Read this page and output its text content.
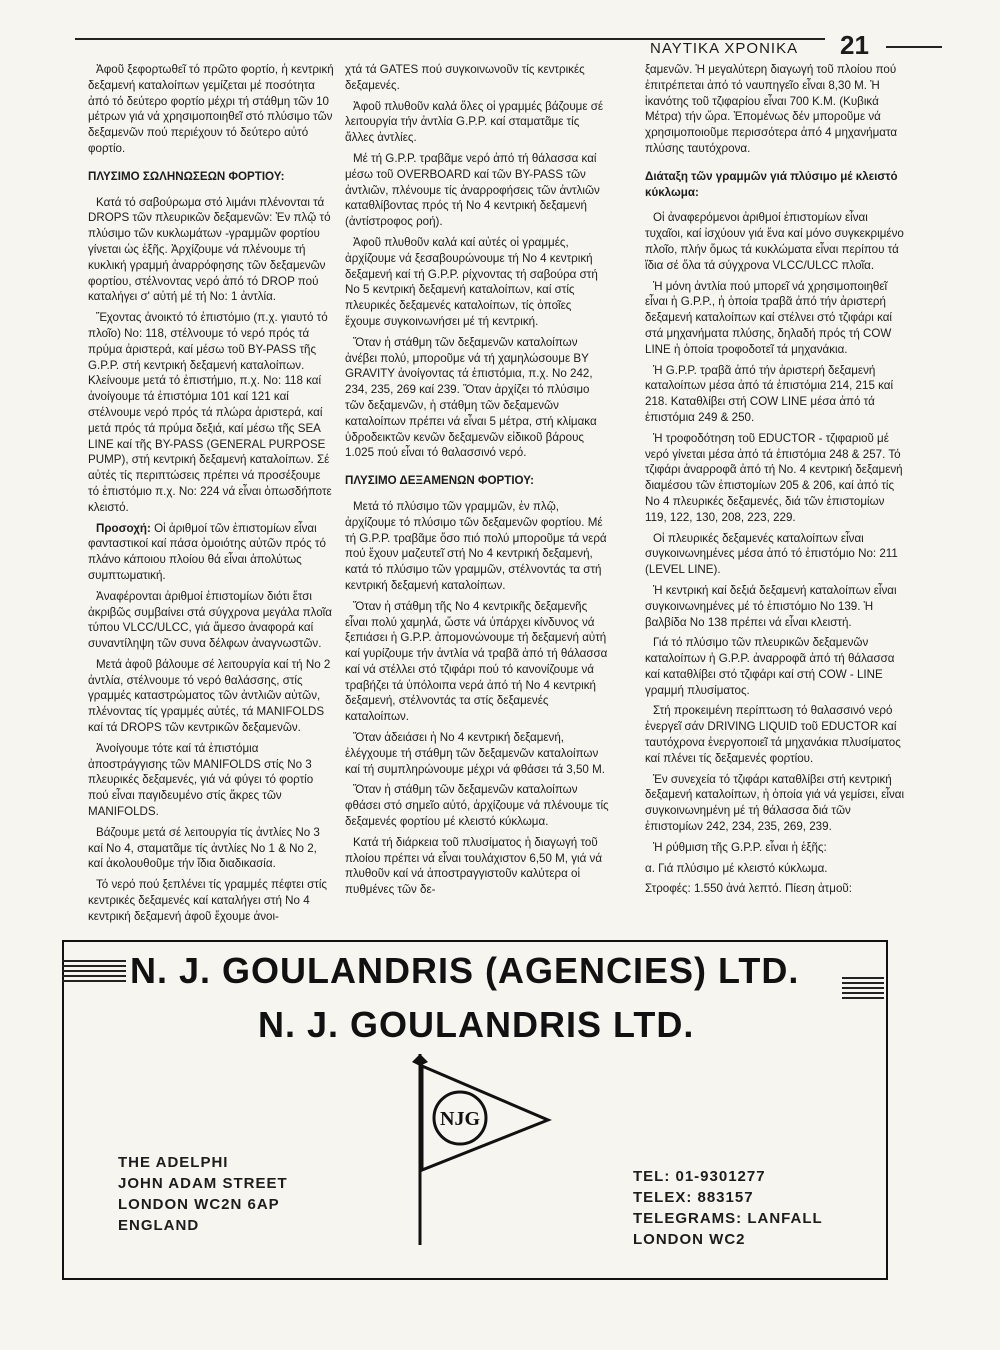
ΝΑΥΤΙΚΑ ΧΡΟΝΙΚΑ 21

Ἀφοῦ ξεφορτωθεῖ τό πρῶτο φορτίο, ἡ κεντρική δεξαμενή καταλοίπων γεμίζεται μέ ποσότητα ἀπό τό δεύτερο φορτίο μέχρι τή στάθμη τῶν 10 μέτρων γιά νά χρησιμοποιηθεῖ στό πλύσιμο τῶν δεξαμενῶν πού περιέχουν τό δεύτερο αὐτό φορτίο.

ΠΛΥΣΙΜΟ ΣΩΛΗΝΩΣΕΩΝ ΦΟΡΤΙΟΥ:

Κατά τό σαβούρωμα στό λιμάνι πλένονται τά DROPS τῶν πλευρικῶν δεξαμενῶν: Ἐν πλῷ τό πλύσιμο τῶν κυκλωμάτων -γραμμῶν φορτίου γίνεται ὡς ἑξῆς. Ἀρχίζουμε νά πλένουμε τή κυκλική γραμμή ἀναρρόφησης τῶν δεξαμενῶν φορτίου, στέλνοντας νερό ἀπό τό DROP πού καταλήγει σ' αὐτή μέ τή No: 1 ἀντλία.

Ἔχοντας ἀνοικτό τό ἐπιστόμιο (π.χ. γιαυτό τό πλοῖο) No: 118, στέλνουμε τό νερό πρός τά πρύμα ἀριστερά, καί μέσω τοῦ BY-PASS τῆς G.P.P. στή κεντρική δεξαμενή καταλοίπων. Κλείνουμε μετά τό ἐπιστήμιο, π.χ. No: 118 καί ἀνοίγουμε τά ἐπιστόμια 101 καί 121 καί στέλνουμε νερό πρός τά πλώρα ἀριστερά, καί μετά πρός τά πρύμα δεξιά, καί μέσω τῆς SEA LINE καί τῆς BY-PASS (GENERAL PURPOSE PUMP), στή κεντρική δεξαμενή καταλοίπων. Σέ αὐτές τίς περιπτώσεις πρέπει νά προσέξουμε τό ἐπιστόμιο π.χ. No: 224 νά εἶναι ὁπωσδήποτε κλειστό.

Προσοχή: Οἱ ἀριθμοί τῶν ἐπιστομίων εἶναι φανταστικοί καί πάσα ὁμοιότης αὐτῶν πρός τό πλάνο κάποιου πλοίου θά εἶναι ἀπολύτως συμπτωματική.

Ἀναφέρονται ἀριθμοί ἐπιστομίων διότι ἔτσι ἀκριβῶς συμβαίνει στά σύγχρονα μεγάλα πλοῖα τύπου VLCC/ULCC, γιά ἄμεσο ἀναφορά καί συναντίληψη τῶν συνα δέλφων ἀναγνωστῶν.

Μετά ἀφοῦ βάλουμε σέ λειτουργία καί τή No 2 ἀντλία, στέλνουμε τό νερό θαλάσσης, στίς γραμμές καταστρώματος τῶν ἀντλιῶν αὐτῶν, πλένοντας τίς γραμμές αὐτές, τά MANIFOLDS καί τά DROPS τῶν κεντρικῶν δεξαμενῶν.

Ἀνοίγουμε τότε καί τά ἐπιστόμια ἀποστράγγισης τῶν MANIFOLDS στίς No 3 πλευρικές δεξαμενές, γιά νά φύγει τό φορτίο πού εἶναι παγιδευμένο στίς ἄκρες τῶν MANIFOLDS.

Βάζουμε μετά σέ λειτουργία τίς ἀντλίες No 3 καί No 4, σταματᾶμε τίς ἀντλίες No 1 & No 2, καί ἀκολουθοῦμε τήν ἴδια διαδικασία.

Τό νερό πού ξεπλένει τίς γραμμές πέφτει στίς κεντρικές δεξαμενές καί καταλήγει στή No 4 κεντρική δεξαμενή ἀφοῦ ἔχουμε ἀνοι-

χτά τά GATES πού συγκοινωνοῦν τίς κεντρικές δεξαμενές.

Ἀφοῦ πλυθοῦν καλά ὅλες οἱ γραμμές βάζουμε σέ λειτουργία τήν ἀντλία G.P.P. καί σταματᾶμε τίς ἄλλες ἀντλίες.

Μέ τή G.P.P. τραβᾶμε νερό ἀπό τή θάλασσα καί μέσω τοῦ OVERBOARD καί τῶν BY-PASS τῶν ἀντλιῶν, πλένουμε τίς ἀναρροφήσεις τῶν ἀντλιῶν καταθλίβοντας πρός τή No 4 κεντρική δεξαμενή (ἀντίστροφος ροή).

Ἀφοῦ πλυθοῦν καλά καί αὐτές οἱ γραμμές, ἀρχίζουμε νά ξεσαβουρώνουμε τή No 4 κεντρική δεξαμενή καί τή G.P.P. ρίχνοντας τή σαβούρα στή No 5 κεντρική δεξαμενή καταλοίπων, καί στίς πλευρικές δεξαμενές καταλοίπων, τίς ὁποῖες ἔχουμε συγκοινωνήσει μέ τή κεντρική.

Ὅταν ἡ στάθμη τῶν δεξαμενῶν καταλοίπων ἀνέβει πολύ, μποροῦμε νά τή χαμηλώσουμε BY GRAVITY ἀνοίγοντας τά ἐπιστόμια, π.χ. No 242, 234, 235, 269 καί 239. Ὅταν ἀρχίζει τό πλύσιμο τῶν δεξαμενῶν, ἡ στάθμη τῶν δεξαμενῶν καταλοίπων πρέπει νά εἶναι 5 μέτρα, στή κλίμακα ὑδροδεικτῶν κενῶν δεξαμενῶν εἰδικοῦ βάρους 1.025 πού εἶναι τό θαλασσινό νερό.

ΠΛΥΣΙΜΟ ΔΕΞΑΜΕΝΩΝ ΦΟΡΤΙΟΥ:

Μετά τό πλύσιμο τῶν γραμμῶν, ἐν πλῷ, ἀρχίζουμε τό πλύσιμο τῶν δεξαμενῶν φορτίου. Μέ τή G.P.P. τραβᾶμε ὅσο πιό πολύ μποροῦμε τά νερά πού ἔχουν μαζευτεῖ στή No 4 κεντρική δεξαμενή, κατά τό πλύσιμο τῶν γραμμῶν, στέλνοντάς τα στή κεντρική δεξαμενή καταλοίπων.

Ὅταν ἡ στάθμη τῆς No 4 κεντρικῆς δεξαμενῆς εἶναι πολύ χαμηλά, ὥστε νά ὑπάρχει κίνδυνος νά ξεπιάσει ἡ G.P.P. ἀπομονώνουμε τή δεξαμενή αὐτή καί γυρίζουμε τήν ἀντλία νά τραβᾶ ἀπό τή θάλασσα καί νά στέλλει στό τζιφάρι πού τό κανονίζουμε νά τραβήζει τά ὑπόλοιπα νερά ἀπό τή No 4 κεντρική δεξαμενή, στέλνοντάς τα στίς δεξαμενές καταλοίπων.

Ὅταν ἀδειάσει ἡ No 4 κεντρική δεξαμενή, ἐλέγχουμε τή στάθμη τῶν δεξαμενῶν καταλοίπων καί τή συμπληρώνουμε μέχρι νά φθάσει τά 3,50 Μ.

Ὅταν ἡ στάθμη τῶν δεξαμενῶν καταλοίπων φθάσει στό σημεῖο αὐτό, ἀρχίζουμε νά πλένουμε τίς δεξαμενές φορτίου μέ κλειστό κύκλωμα.

Κατά τή διάρκεια τοῦ πλυσίματος ἡ διαγωγή τοῦ πλοίου πρέπει νά εἶναι τουλάχιστον 6,50 Μ, γιά νά πλυθοῦν καί νά ἀποστραγγιστοῦν καλύτερα οἱ πυθμένες τῶν δε-

ξαμενῶν. Ἡ μεγαλύτερη διαγωγή τοῦ πλοίου πού ἐπιτρέπεται ἀπό τό ναυπηγεῖο εἶναι 8,30 Μ. Ἡ ἱκανότης τοῦ τζιφαρίου εἶναι 700 Κ.Μ. (Κυβικά Μέτρα) τήν ὥρα. Ἐπομένως δέν μποροῦμε νά χρησιμοποιοῦμε περισσότερα ἀπό 4 μηχανήματα πλύσης ταυτόχρονα.

Διάταξη τῶν γραμμῶν γιά πλύσιμο μέ κλειστό κύκλωμα:

Οἱ ἀναφερόμενοι ἀριθμοί ἐπιστομίων εἶναι τυχαῖοι, καί ἰσχύουν γιά ἕνα καί μόνο συγκεκριμένο πλοῖο, πλήν ὅμως τά κυκλώματα εἶναι περίπου τά ἴδια σέ ὅλα τά σύγχρονα VLCC/ULCC πλοῖα.

Ἡ μόνη ἀντλία πού μπορεῖ νά χρησιμοποιηθεῖ εἶναι ἡ G.P.P., ἡ ὁποία τραβᾶ ἀπό τήν ἀριστερή δεξαμενή καταλοίπων καί στέλνει στό τζιφάρι καί στά μηχανήματα πλύσης, δηλαδή πρός τή COW LINE ἡ ὁποία τροφοδοτεῖ τά μηχανάκια.

Ἡ G.P.P. τραβᾶ ἀπό τήν ἀριστερή δεξαμενή καταλοίπων μέσα ἀπό τά ἐπιστόμια 214, 215 καί 218. Καταθλίβει στή COW LINE μέσα ἀπό τά ἐπιστόμια 249 & 250.

Ἡ τροφοδότηση τοῦ EDUCTOR - τζιφαριοῦ μέ νερό γίνεται μέσα ἀπό τά ἐπιστόμια 248 & 257. Τό τζιφάρι ἀναρροφᾶ ἀπό τή No. 4 κεντρική δεξαμενή διαμέσου τῶν ἐπιστομίων 205 & 206, καί ἀπό τίς No 4 πλευρικές δεξαμενές, διά τῶν ἐπιστομίων 119, 122, 130, 208, 223, 229.

Οἱ πλευρικές δεξαμενές καταλοίπων εἶναι συγκοινωνημένες μέσα ἀπό τό ἐπιστόμιο No: 211 (LEVEL LINE).

Ἡ κεντρική καί δεξιά δεξαμενή καταλοίπων εἶναι συγκοινωνημένες μέ τό ἐπιστόμιο No 139. Ἡ βαλβίδα No 138 πρέπει νά εἶναι κλειστή.

Γιά τό πλύσιμο τῶν πλευρικῶν δεξαμενῶν καταλοίπων ἡ G.P.P. ἀναρροφᾶ ἀπό τή θάλασσα καί καταθλίβει στό τζιφάρι καί στή COW - LINE γραμμή πλυσίματος.

Στή προκειμένη περίπτωση τό θαλασσινό νερό ἐνεργεῖ σάν DRIVING LIQUID τοῦ EDUCTOR καί ταυτόχρονα ἐνεργοποιεῖ τά μηχανάκια πλυσίματος καί πλένει τίς δεξαμενές φορτίου.

Ἐν συνεχεία τό τζιφάρι καταθλίβει στή κεντρική δεξαμενή καταλοίπων, ἡ ὁποία γιά νά γεμίσει, εἶναι συγκοινωνημένη μέ τή θάλασσα διά τῶν ἐπιστομίων 242, 234, 235, 269, 239.

Ἡ ρύθμιση τῆς G.P.P. εἶναι ἡ ἑξῆς:

α. Γιά πλύσιμο μέ κλειστό κύκλωμα.

Στροφές: 1.550 ἀνά λεπτό. Πίεση ἀτμοῦ:

N. J. GOULANDRIS (AGENCIES) LTD.
N. J. GOULANDRIS LTD.
NJG
THE ADELPHI
JOHN ADAM STREET
LONDON WC2N 6AP
ENGLAND
TEL: 01-9301277
TELEX: 883157
TELEGRAMS: LANFALL
LONDON WC2
